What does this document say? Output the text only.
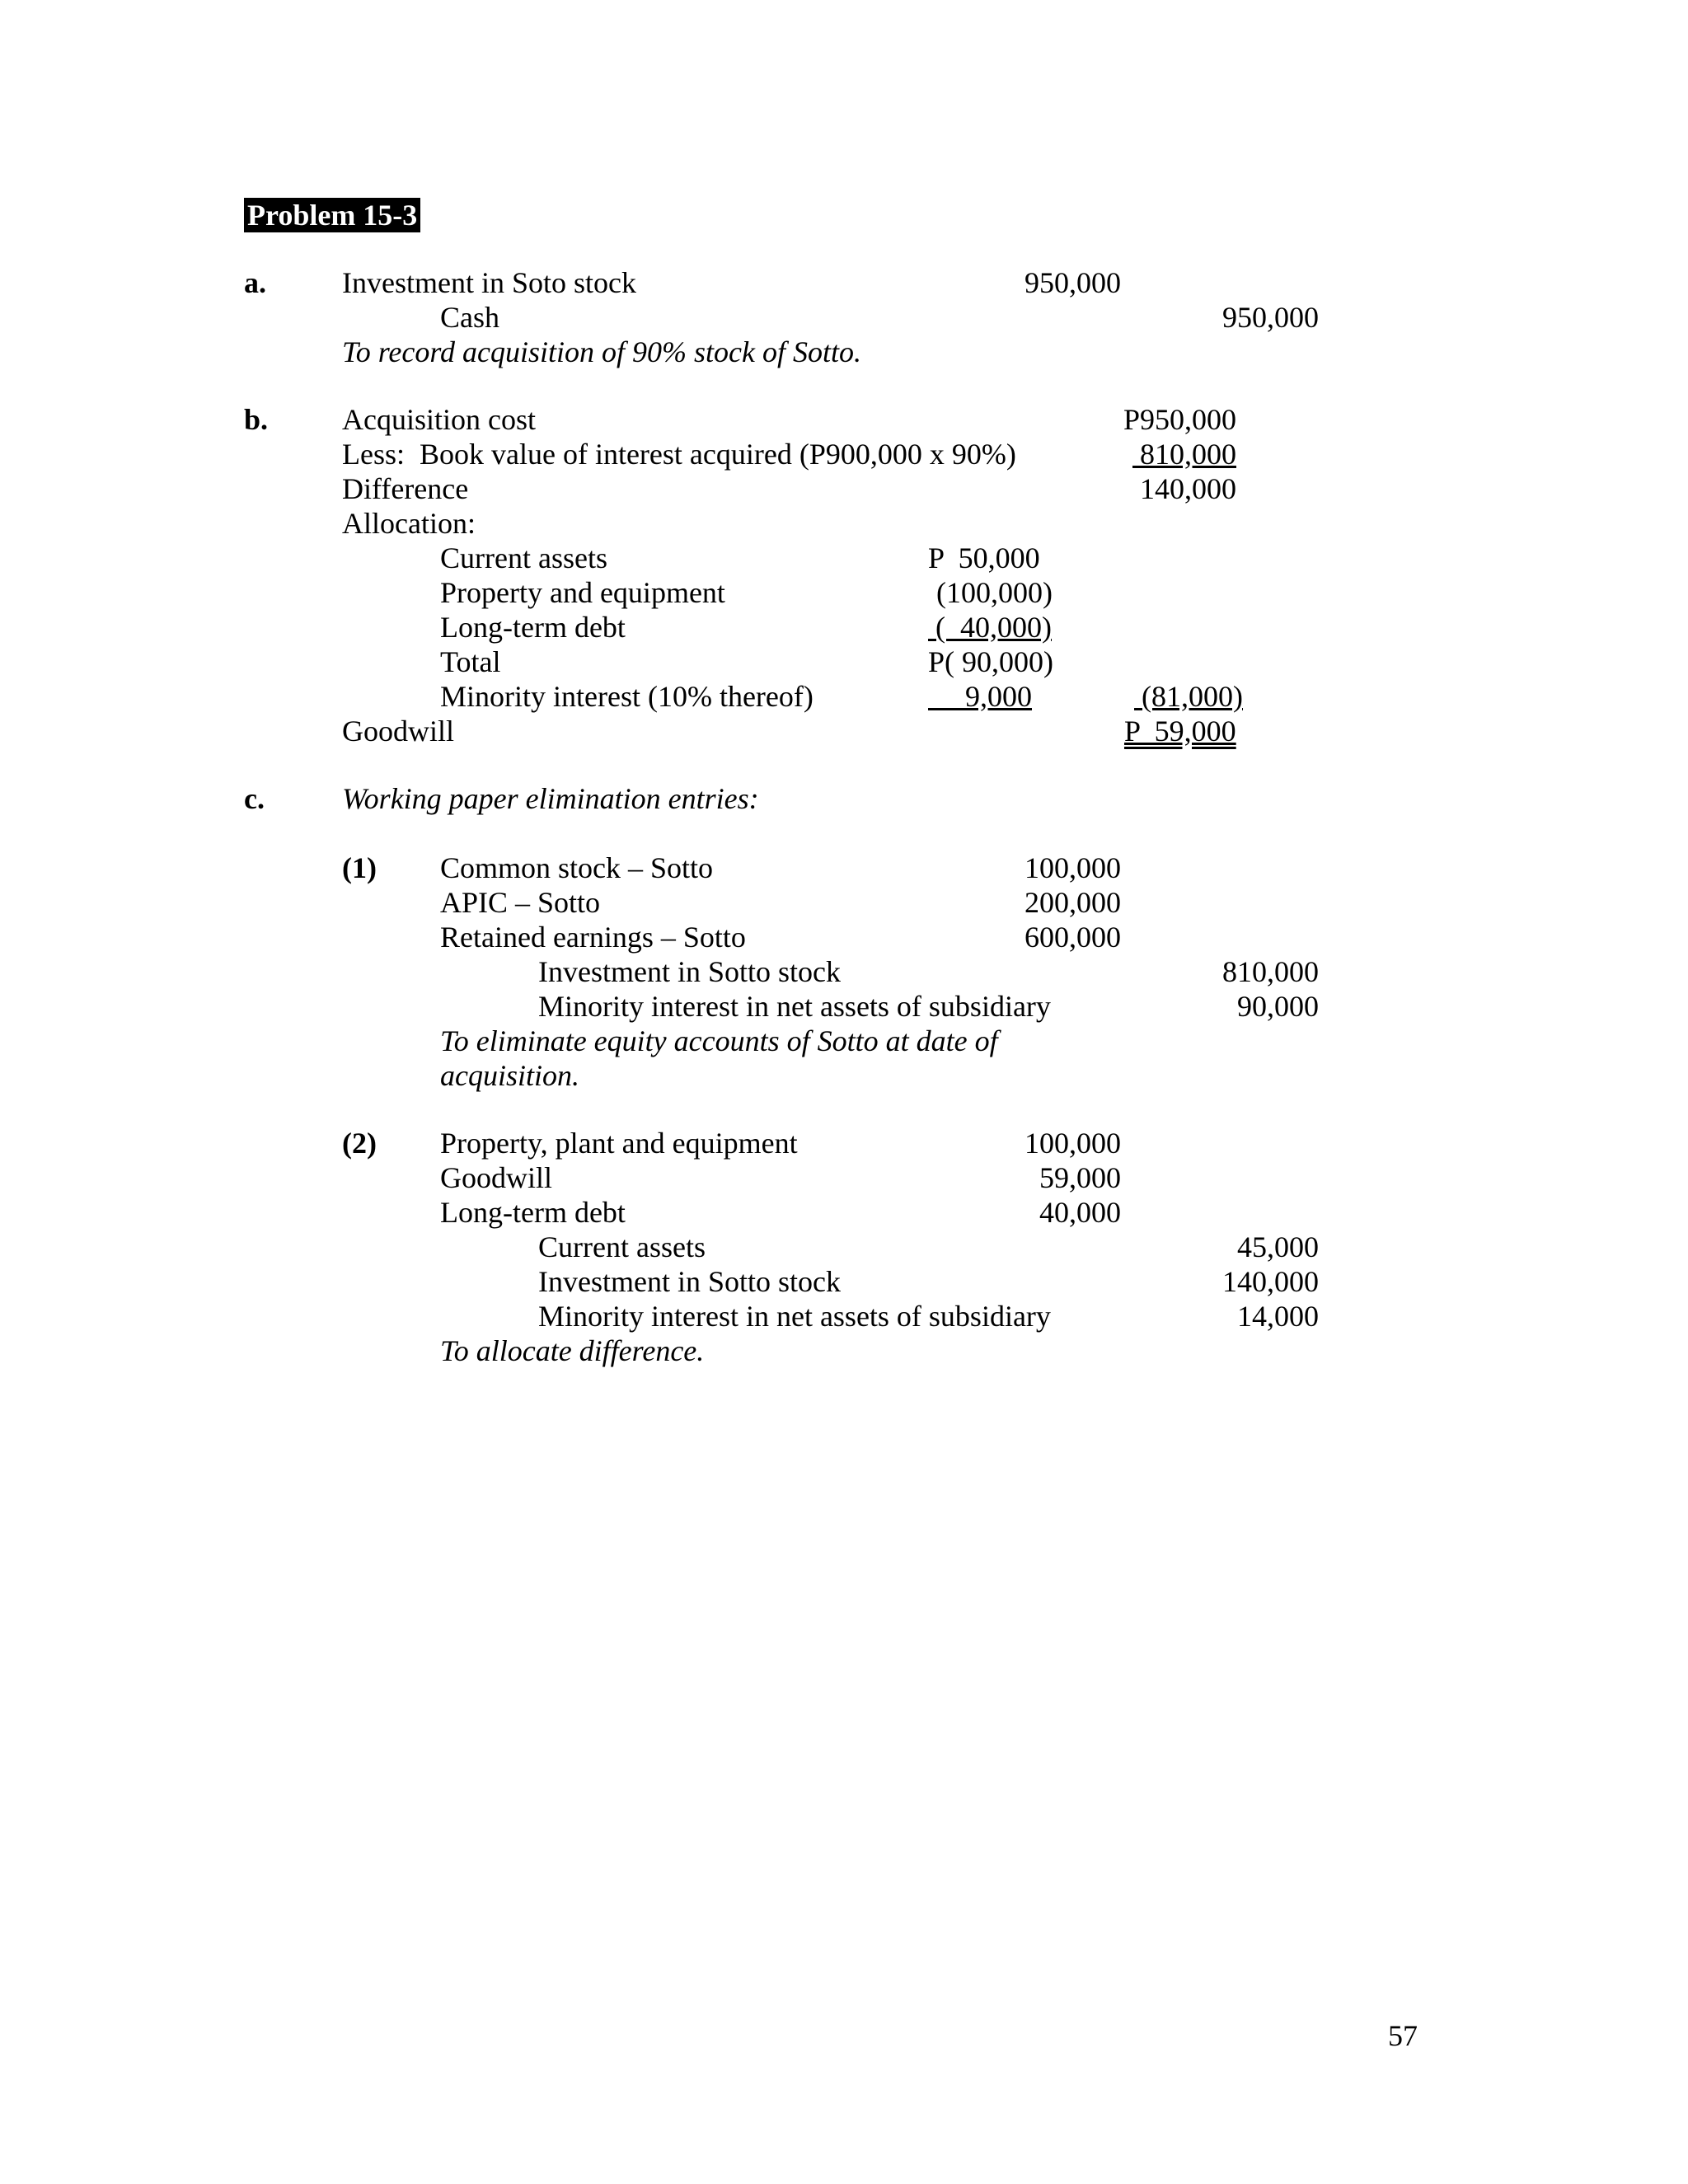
Problem 15-3
a.	Investment in Soto stock	950,000
Cash	950,000
To record acquisition of 90% stock of Sotto.
b. Acquisition cost	P950,000
Less:  Book value of interest acquired (P900,000 x 90%)	810,000
Difference	140,000
Allocation:
Current assets	P  50,000
Property and equipment	(100,000)
Long-term debt	(  40,000)
Total	P( 90,000)
Minority interest (10% thereof)	9,000	(81,000)
Goodwill	P  59,000
c.	Working paper elimination entries:
(1) Common stock – Sotto	100,000
APIC – Sotto	200,000
Retained earnings – Sotto	600,000
Investment in Sotto stock	810,000
Minority interest in net assets of subsidiary	90,000
To eliminate equity accounts of Sotto at date of
acquisition.
(2) Property, plant and equipment	100,000
Goodwill	59,000
Long-term debt	40,000
Current assets	45,000
Investment in Sotto stock	140,000
Minority interest in net assets of subsidiary	14,000
To allocate difference.
57
